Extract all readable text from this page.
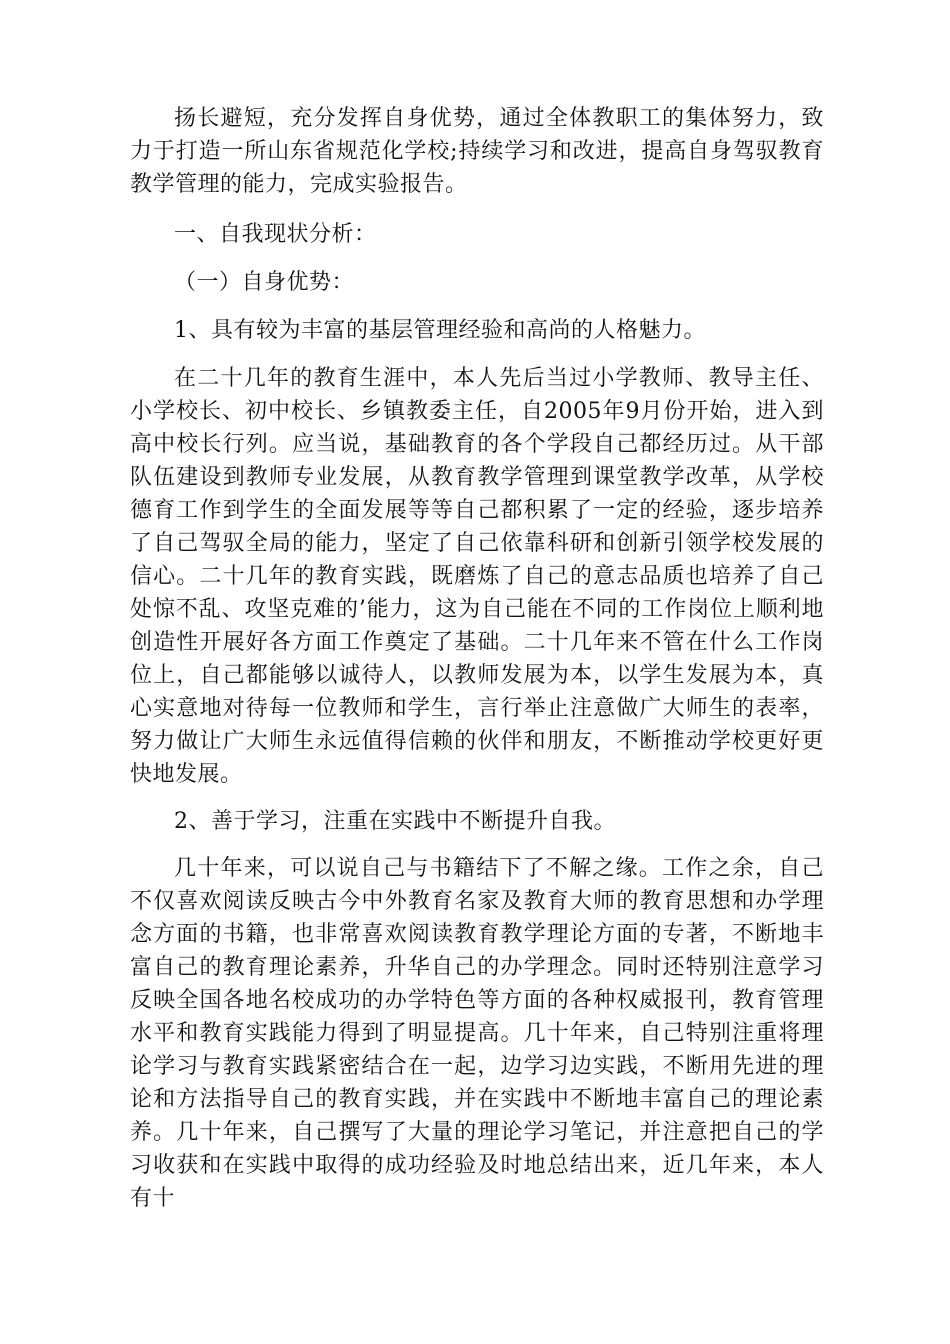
扬长避短，充分发挥自身优势，通过全体教职工的集体努力，致力于打造一所山东省规范化学校;持续学习和改进，提高自身驾驭教育教学管理的能力，完成实验报告。

一、自我现状分析：

（一）自身优势：

1、具有较为丰富的基层管理经验和高尚的人格魅力。

在二十几年的教育生涯中，本人先后当过小学教师、教导主任、小学校长、初中校长、乡镇教委主任，自2005年9月份开始，进入到高中校长行列。应当说，基础教育的各个学段自己都经历过。从干部队伍建设到教师专业发展，从教育教学管理到课堂教学改革，从学校德育工作到学生的全面发展等等自己都积累了一定的经验，逐步培养了自己驾驭全局的能力，坚定了自己依靠科研和创新引领学校发展的信心。二十几年的教育实践，既磨炼了自己的意志品质也培养了自己处惊不乱、攻坚克难的’能力，这为自己能在不同的工作岗位上顺利地创造性开展好各方面工作奠定了基础。二十几年来不管在什么工作岗位上，自己都能够以诚待人，以教师发展为本，以学生发展为本，真心实意地对待每一位教师和学生，言行举止注意做广大师生的表率，努力做让广大师生永远值得信赖的伙伴和朋友，不断推动学校更好更快地发展。

2、善于学习，注重在实践中不断提升自我。

几十年来，可以说自己与书籍结下了不解之缘。工作之余，自己不仅喜欢阅读反映古今中外教育名家及教育大师的教育思想和办学理念方面的书籍，也非常喜欢阅读教育教学理论方面的专著，不断地丰富自己的教育理论素养，升华自己的办学理念。同时还特别注意学习反映全国各地名校成功的办学特色等方面的各种权威报刊，教育管理水平和教育实践能力得到了明显提高。几十年来，自己特别注重将理论学习与教育实践紧密结合在一起，边学习边实践，不断用先进的理论和方法指导自己的教育实践，并在实践中不断地丰富自己的理论素养。几十年来，自己撰写了大量的理论学习笔记，并注意把自己的学习收获和在实践中取得的成功经验及时地总结出来，近几年来，本人有十
